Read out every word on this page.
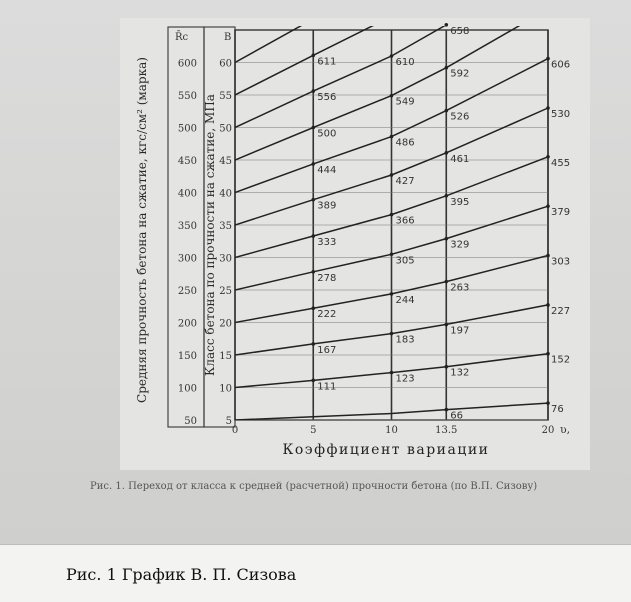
111
167
222
278
333
389
444
500
556
611
123
183
244
305
366
427
486
549
610
66
132
197
263
329
395
461
526
592
658
76
152
227
303
379
455
530
606
50
100
150
200
250
300
350
400
450
500
550
600
5
10
15
20
25
30
35
40
45
50
55
60
R̄с	B
Средняя прочность бетона на сжатие, кгс/см² (марка)	Класс бетона по прочности на сжатие, МПа
0	5	10	13.5	20 ʋ,
Коэффициент вариации
Рис. 1. Переход от класса к средней (расчетной) прочности бетона (по В.П. Сизову)
Рис. 1 График В. П. Сизова
